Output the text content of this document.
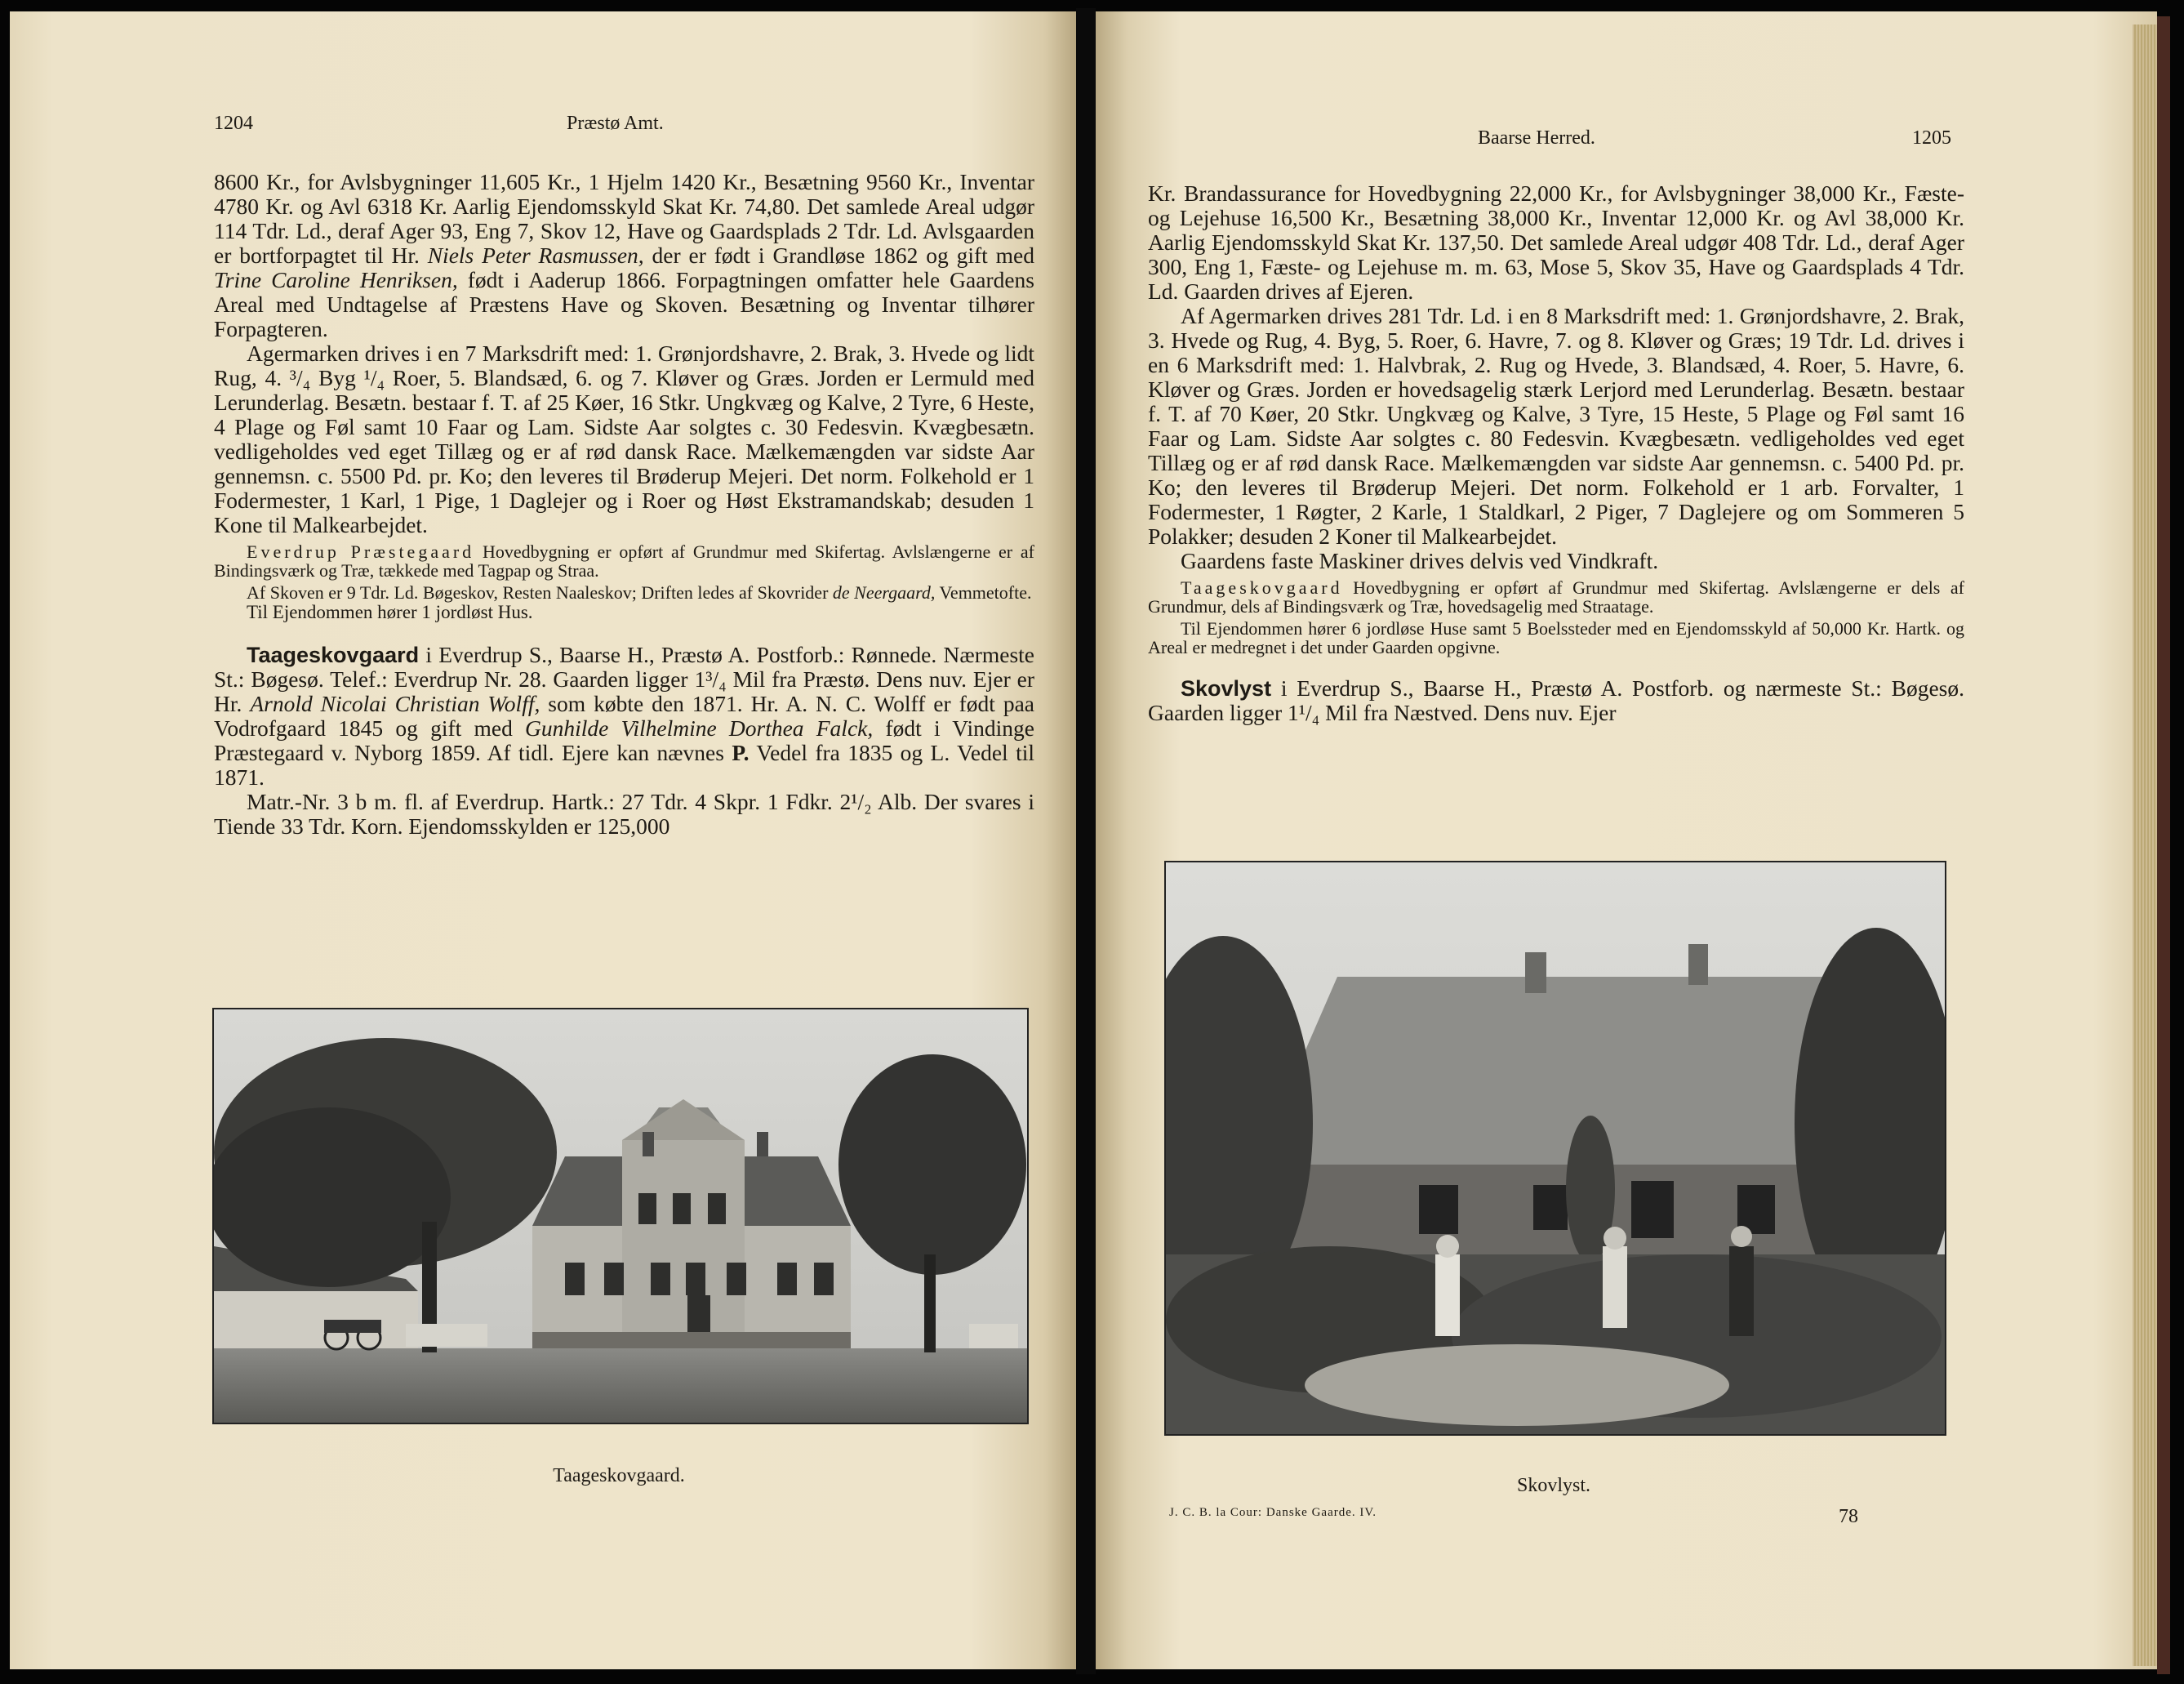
1204	Præstø Amt.

8600 Kr., for Avlsbygninger 11,605 Kr., 1 Hjelm 1420 Kr., Besætning 9560 Kr., Inventar 4780 Kr. og Avl 6318 Kr. Aarlig Ejendomsskyld Skat Kr. 74,80. Det samlede Areal udgør 114 Tdr. Ld., deraf Ager 93, Eng 7, Skov 12, Have og Gaardsplads 2 Tdr. Ld. Avlsgaarden er bortforpagtet til Hr. Niels Peter Rasmussen, der er født i Grandløse 1862 og gift med Trine Caroline Henriksen, født i Aaderup 1866. Forpagtningen omfatter hele Gaardens Areal med Undtagelse af Præstens Have og Skoven. Besætning og Inventar tilhører Forpagteren.

Agermarken drives i en 7 Marksdrift med: 1. Grønjordshavre, 2. Brak, 3. Hvede og lidt Rug, 4. ³/₄ Byg ¹/₄ Roer, 5. Blandsæd, 6. og 7. Kløver og Græs. Jorden er Lermuld med Lerunderlag. Besætn. bestaar f. T. af 25 Køer, 16 Stkr. Ungkvæg og Kalve, 2 Tyre, 6 Heste, 4 Plage og Føl samt 10 Faar og Lam. Sidste Aar solgtes c. 30 Fedesvin. Kvægbesætn. vedligeholdes ved eget Tillæg og er af rød dansk Race. Mælkemængden var sidste Aar gennemsn. c. 5500 Pd. pr. Ko; den leveres til Brøderup Mejeri. Det norm. Folkehold er 1 Fodermester, 1 Karl, 1 Pige, 1 Daglejer og i Roer og Høst Ekstramandskab; desuden 1 Kone til Malkearbejdet.

Everdrup Præstegaard Hovedbygning er opført af Grundmur med Skifertag. Avlslængerne er af Bindingsværk og Træ, tækkede med Tagpap og Straa.

Af Skoven er 9 Tdr. Ld. Bøgeskov, Resten Naaleskov; Driften ledes af Skovrider de Neergaard, Vemmetofte.

Til Ejendommen hører 1 jordløst Hus.

Taageskovgaard i Everdrup S., Baarse H., Præstø A. Postforb.: Rønnede. Nærmeste St.: Bøgesø. Telef.: Everdrup Nr. 28. Gaarden ligger 1³/₄ Mil fra Præstø. Dens nuv. Ejer er Hr. Arnold Nicolai Christian Wolff, som købte den 1871. Hr. A. N. C. Wolff er født paa Vodrofgaard 1845 og gift med Gunhilde Vilhelmine Dorthea Falck, født i Vindinge Præstegaard v. Nyborg 1859. Af tidl. Ejere kan nævnes P. Vedel fra 1835 og L. Vedel til 1871.

Matr.-Nr. 3 b m. fl. af Everdrup. Hartk.: 27 Tdr. 4 Skpr. 1 Fdkr. 2¹/₂ Alb. Der svares i Tiende 33 Tdr. Korn. Ejendomsskylden er 125,000

Taageskovgaard.
Baarse Herred.	1205

Kr. Brandassurance for Hovedbygning 22,000 Kr., for Avlsbygninger 38,000 Kr., Fæste- og Lejehuse 16,500 Kr., Besætning 38,000 Kr., Inventar 12,000 Kr. og Avl 38,000 Kr. Aarlig Ejendomsskyld Skat Kr. 137,50. Det samlede Areal udgør 408 Tdr. Ld., deraf Ager 300, Eng 1, Fæste- og Lejehuse m. m. 63, Mose 5, Skov 35, Have og Gaardsplads 4 Tdr. Ld. Gaarden drives af Ejeren.

Af Agermarken drives 281 Tdr. Ld. i en 8 Marksdrift med: 1. Grønjordshavre, 2. Brak, 3. Hvede og Rug, 4. Byg, 5. Roer, 6. Havre, 7. og 8. Kløver og Græs; 19 Tdr. Ld. drives i en 6 Marksdrift med: 1. Halvbrak, 2. Rug og Hvede, 3. Blandsæd, 4. Roer, 5. Havre, 6. Kløver og Græs. Jorden er hovedsagelig stærk Lerjord med Lerunderlag. Besætn. bestaar f. T. af 70 Køer, 20 Stkr. Ungkvæg og Kalve, 3 Tyre, 15 Heste, 5 Plage og Føl samt 16 Faar og Lam. Sidste Aar solgtes c. 80 Fedesvin. Kvægbesætn. vedligeholdes ved eget Tillæg og er af rød dansk Race. Mælkemængden var sidste Aar gennemsn. c. 5400 Pd. pr. Ko; den leveres til Brøderup Mejeri. Det norm. Folkehold er 1 arb. Forvalter, 1 Fodermester, 1 Røgter, 2 Karle, 1 Staldkarl, 2 Piger, 7 Daglejere og om Sommeren 5 Polakker; desuden 2 Koner til Malkearbejdet.

Gaardens faste Maskiner drives delvis ved Vindkraft.

Taageskovgaard Hovedbygning er opført af Grundmur med Skifertag. Avlslængerne er dels af Grundmur, dels af Bindingsværk og Træ, hovedsagelig med Straatage.

Til Ejendommen hører 6 jordløse Huse samt 5 Boelssteder med en Ejendomsskyld af 50,000 Kr. Hartk. og Areal er medregnet i det under Gaarden opgivne.

Skovlyst i Everdrup S., Baarse H., Præstø A. Postforb. og nærmeste St.: Bøgesø. Gaarden ligger 1¹/₄ Mil fra Næstved. Dens nuv. Ejer

Skovlyst.
J. C. B. la Cour: Danske Gaarde. IV.	78
